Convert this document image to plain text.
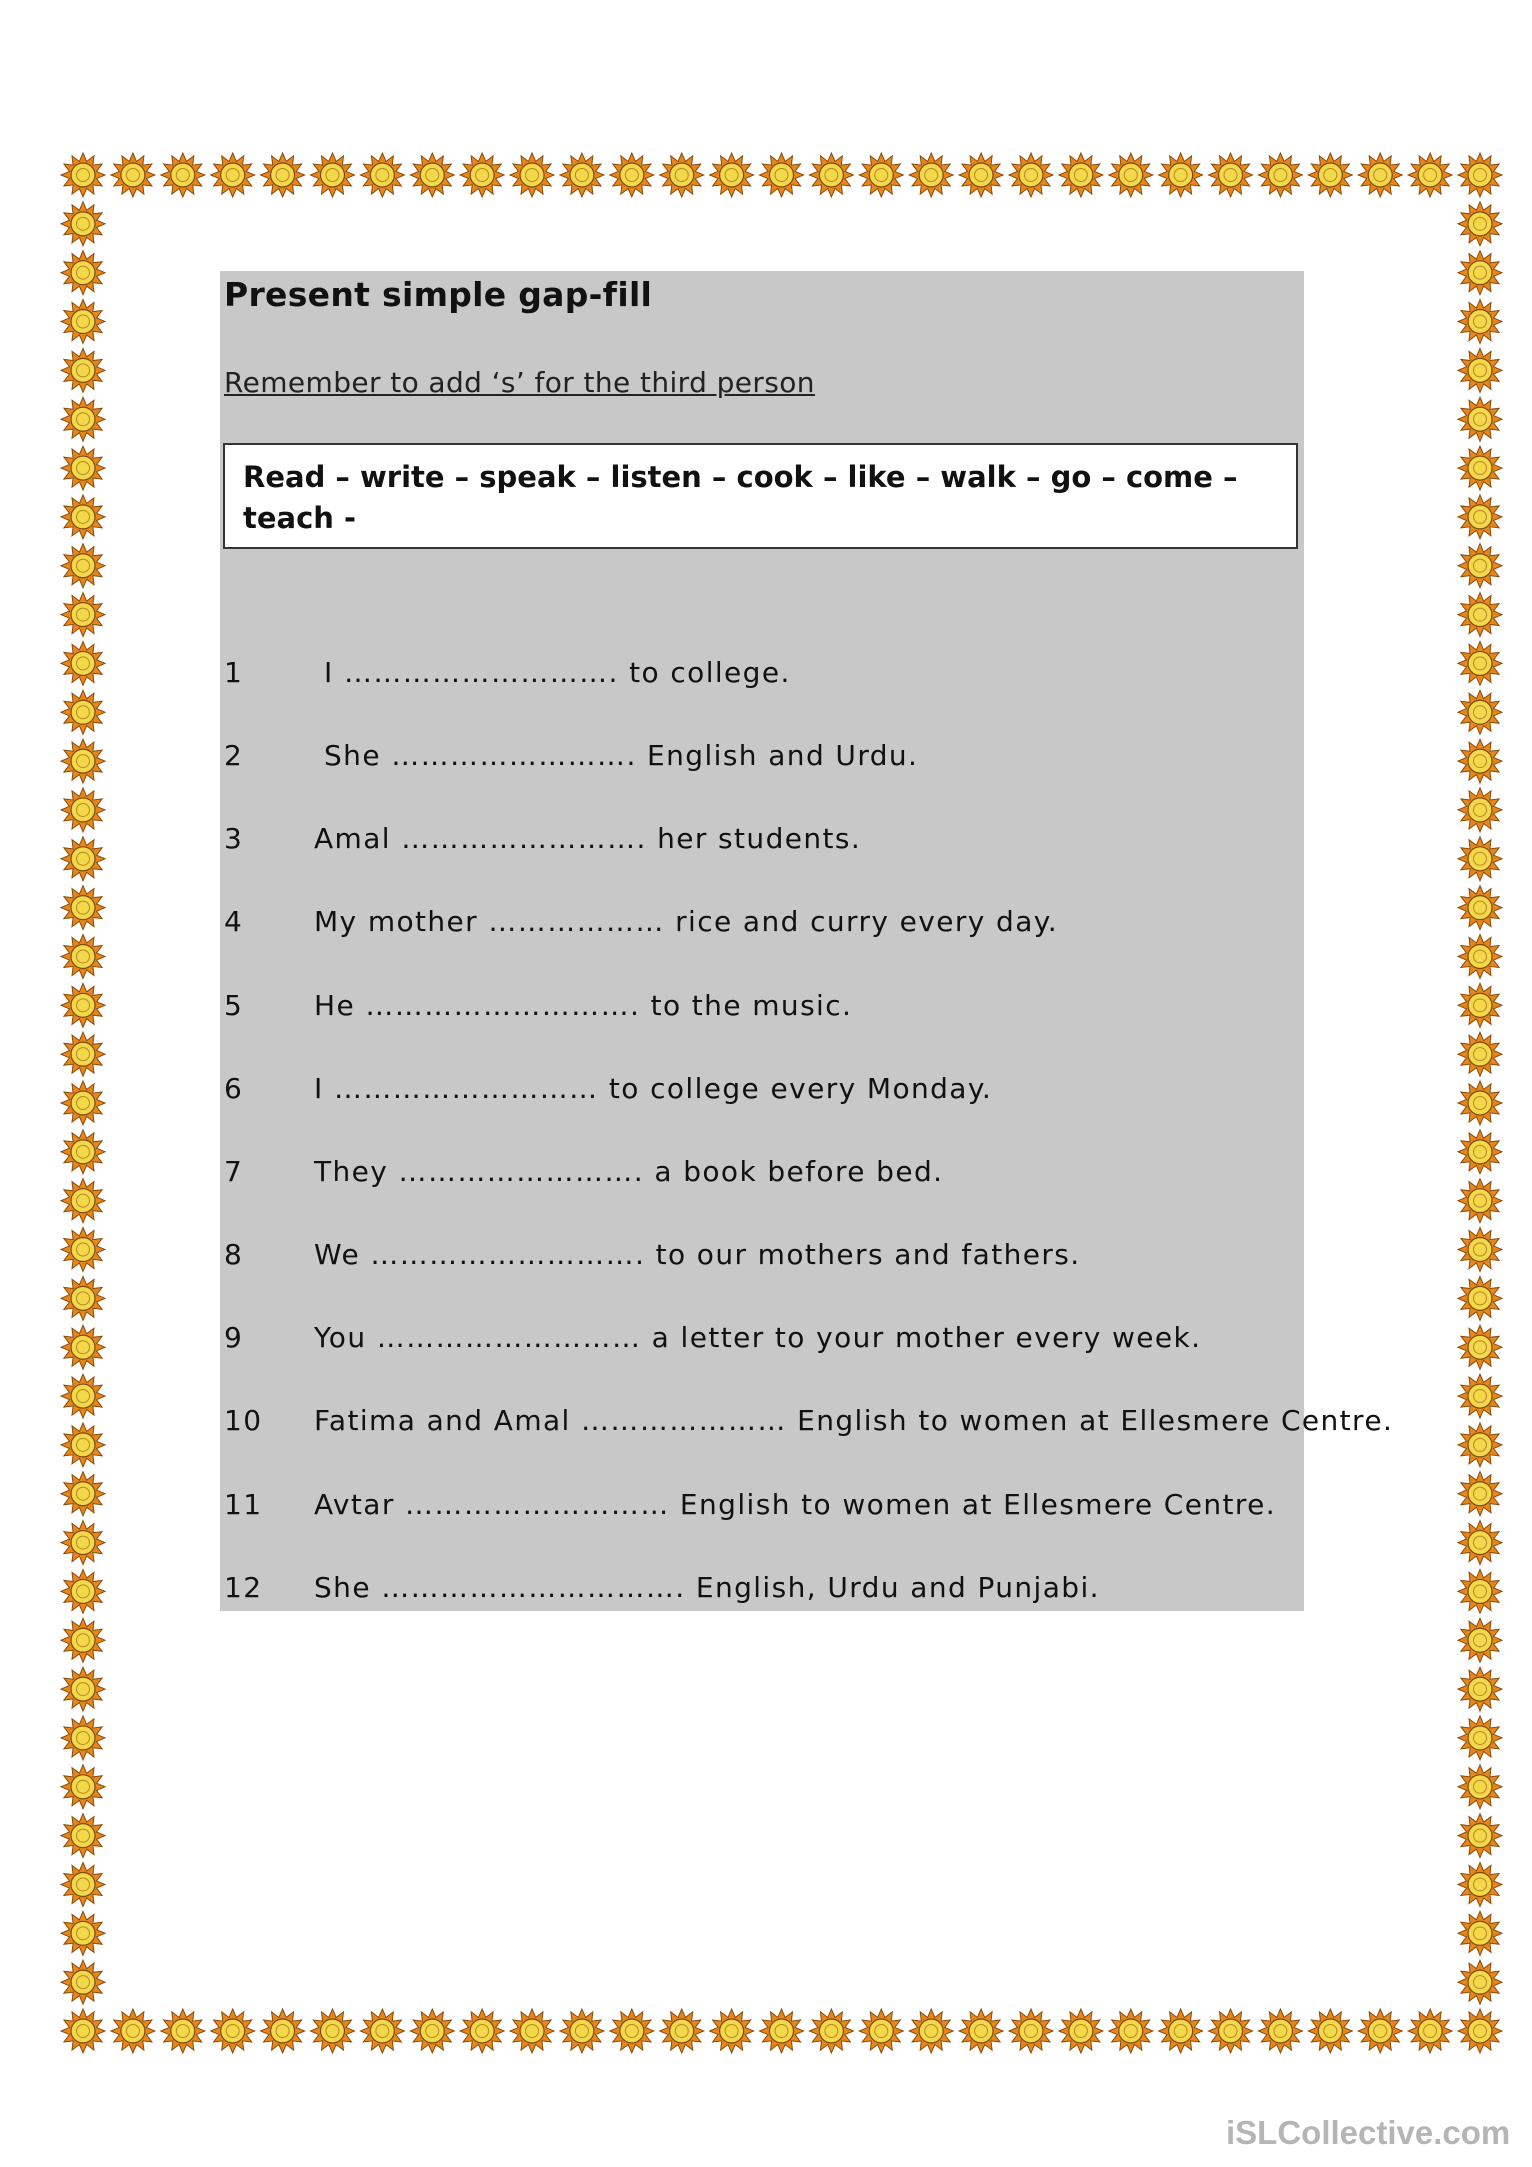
Present simple gap-fill
Remember to add ‘s’ for the third person
Read – write – speak – listen – cook – like – walk – go – come – teach -
1	I ………………………. to college.
2	She ……………………. English and Urdu.
3	Amal ……………………. her students.
4	My mother ……………… rice and curry every day.
5	He ………………………. to the music.
6	I ……………………… to college every Monday.
7	They ……………………. a book before bed.
8	We ………………………. to our mothers and fathers.
9	You ……………………… a letter to your mother every week.
10 Fatima and Amal ………………… English to women at Ellesmere Centre.
11 Avtar ……………………… English to women at Ellesmere Centre.
12 She …………………………. English, Urdu and Punjabi.
iSLCollective.com
